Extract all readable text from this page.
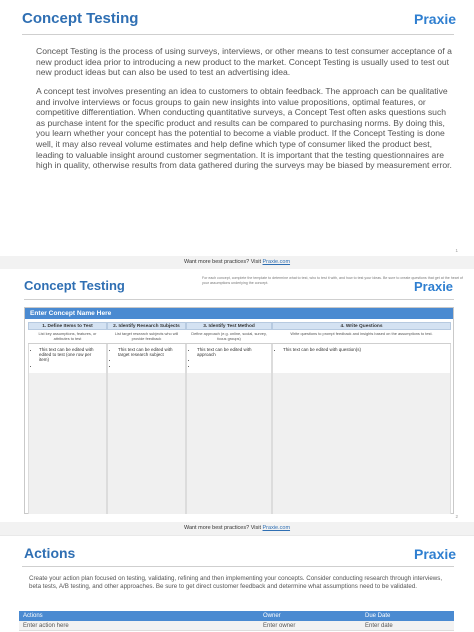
Concept Testing	Praxie
Concept Testing is the process of using surveys, interviews, or other means to test consumer acceptance of a new product idea prior to introducing a new product to the market. Concept Testing is usually used to test out new product ideas but can also be used to test an advertising idea.
A concept test involves presenting an idea to customers to obtain feedback. The approach can be qualitative and involve interviews or focus groups to gain new insights into value propositions, optimal features, or competitive differentiation. When conducting quantitative surveys, a Concept Test often asks questions such as purchase intent for the specific product and results can be compared to purchasing norms. By doing this, you learn whether your concept has the potential to become a viable product. If the Concept Testing is done well, it may also reveal volume estimates and help define which type of consumer liked the product best, leading to valuable insight around customer segmentation. It is important that the testing questionnaires are high in quality, otherwise results from data gathered during the surveys may be biased by measurement error.
1
Want more best practices? Visit Praxie.com
Concept Testing	For each concept, complete the template to determine what to test, who to test it with, and how to test your ideas. Be sure to create questions that get at the heart of your assumptions underlying the concept.	Praxie
Enter Concept Name Here
1. Define Items to Test
List key assumptions, features, or attributes to test
• This text can be edited with edited to test (one row per item)
•
2. Identify Research Subjects
List target research subjects who will provide feedback
• This text can be edited with target research subject
•
•
3. Identify Test Method
Define approach (e.g. online, social, survey, focus groups)
• This text can be edited with approach
•
•
4. Write Questions
Write questions to prompt feedback and insights based on the assumptions to test.
• This text can be edited with question(s)
2
Want more best practices? Visit Praxie.com
Actions	Praxie
Create your action plan focused on testing, validating, refining and then implementing your concepts. Consider conducting research through interviews, beta tests, A/B testing, and other approaches. Be sure to get direct customer feedback and determine what assumptions need to be validated.
Actions	Owner	Due Date
Enter action here	Enter owner	Enter date
